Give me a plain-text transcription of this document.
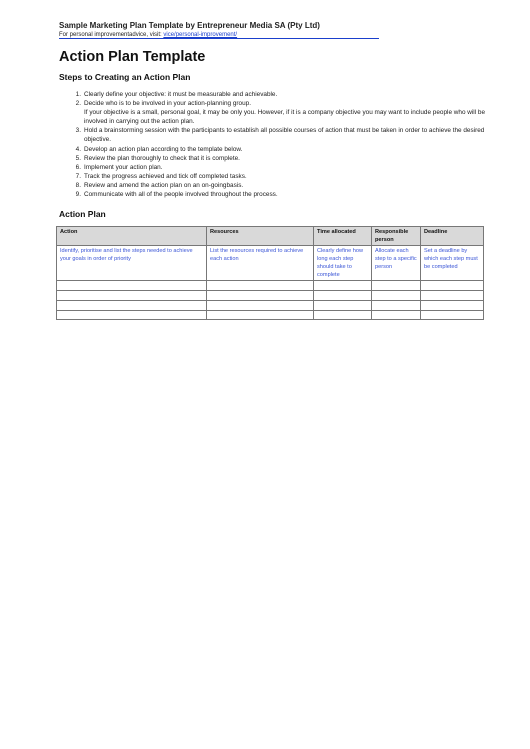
Sample Marketing Plan Template by Entrepreneur Media SA (Pty Ltd)
For personal improvementadvice, visit: vice/personal-improvement/
Action Plan Template
Steps to Creating an Action Plan
1. Clearly define your objective: it must be measurable and achievable.
2. Decide who is to be involved in your action-planning group.
If your objective is a small, personal goal, it may be only you. However, if it is a company objective you may want to include people who will be involved in carrying out the action plan.
3. Hold a brainstorming session with the participants to establish all possible courses of action that must be taken in order to achieve the desired objective.
4. Develop an action plan according to the template below.
5. Review the plan thoroughly to check that it is complete.
6. Implement your action plan.
7. Track the progress achieved and tick off completed tasks.
8. Review and amend the action plan on an on-goingbasis.
9. Communicate with all of the people involved throughout the process.
Action Plan
Action	Resources	Time allocated	Responsible person	Deadline
Identify, prioritise and list the steps needed to achieve your goals in order of priority	List the resources required to achieve each action	Clearly define how long each step should take to complete	Allocate each step to a specific person	Set a deadline by which each step must be completed
